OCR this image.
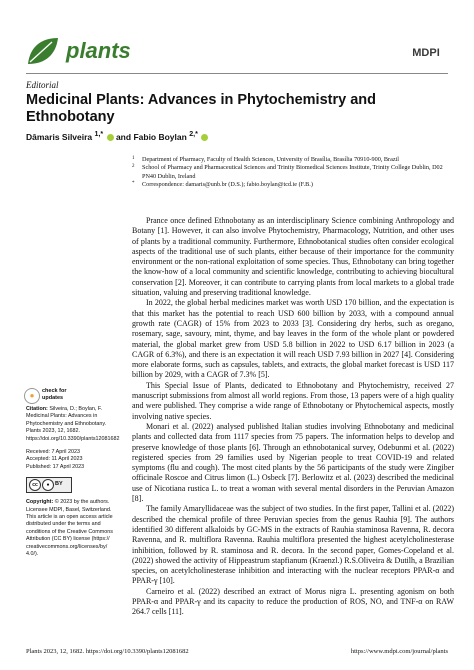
plants	MDPI
Editorial
Medicinal Plants: Advances in Phytochemistry and Ethnobotany
Dâmaris Silveira $^{1,*}$ and Fabio Boylan $^{2,*}$
1 Department of Pharmacy, Faculty of Health Sciences, University of Brasília, Brasília 70910-900, Brazil
2 School of Pharmacy and Pharmaceutical Sciences and Trinity Biomedical Sciences Institute, Trinity College Dublin, D02 PN40 Dublin, Ireland
* Correspondence: damaris@unb.br (D.S.); fabio.boylan@tcd.ie (F.B.)

Prance once defined Ethnobotany as an interdisciplinary Science combining Anthropology and Botany [1]. However, it can also involve Phytochemistry, Pharmacology, Nutrition, and other uses of plants by a traditional community. Furthermore, Ethnobotanical studies often consider ecological aspects of the traditional use of such plants, either because of their importance for the community environment or the non-rational exploitation of some species. Thus, Ethnobotany can bring together the know-how of a local community and scientific knowledge, contributing to achieving biocultural conservation [2]. Moreover, it can contribute to carrying plants from local markets to a global trade situation, valuing and preserving traditional knowledge.

In 2022, the global herbal medicines market was worth USD 170 billion, and the expectation is that this market has the potential to reach USD 600 billion by 2033, with a compound annual growth rate (CAGR) of 15% from 2023 to 2033 [3]. Considering dry herbs, such as oregano, rosemary, sage, savoury, mint, thyme, and bay leaves in the form of the whole plant or powdered material, the global market grew from USD 5.8 billion in 2022 to USD 6.17 billion in 2023 (a CAGR of 6.3%), and there is an expectation it will reach USD 7.93 billion in 2027 [4]. Considering more elaborate forms, such as capsules, tablets, and extracts, the global market forecast is USD 117 billion by 2029, with a CAGR of 7.3% [5].

This Special Issue of Plants, dedicated to Ethnobotany and Phytochemistry, received 27 manuscript submissions from almost all world regions. From those, 13 papers were of a high quality and were published. They comprise a wide range of Ethnobotany or Phytochemical aspects, mostly involving native species.

Monari et al. (2022) analysed published Italian studies involving Ethnobotany and medicinal plants and collected data from 1117 species from 75 papers. The information helps to develop and preserve knowledge of those plants [6]. Through an ethnobotanical survey, Odebunmi et al. (2022) registered species from 29 families used by Nigerian people to treat COVID-19 and related symptoms (flu and cough). The most cited plants by the 56 participants of the study were Zingiber officinale Roscoe and Citrus limon (L.) Osbeck [7]. Berlowitz et al. (2023) described the medicinal use of Nicotiana rustica L. to treat a woman with several mental disorders in the Peruvian Amazon [8].

The family Amaryllidaceae was the subject of two studies. In the first paper, Tallini et al. (2022) described the chemical profile of three Peruvian species from the genus Rauhia [9]. The authors identified 30 different alkaloids by GC-MS in the extracts of Rauhia staminosa Ravenna, R. decora Ravenna, and R. multiflora Ravenna. Rauhia multiflora presented the highest acetylcholinesterase inhibition, followed by R. staminosa and R. decora. In the second paper, Gomes-Copeland et al. (2022) showed the activity of Hippeastrum stapfianum (Kraenzl.) R.S.Oliveira & Dutilh, a Brazilian species, on acetylcholinesterase inhibition and interacting with the nuclear receptors PPAR-α and PPAR-γ [10].

Carneiro et al. (2022) described an extract of Morus nigra L. presenting agonism on both PPAR-α and PPAR-γ and its capacity to reduce the production of ROS, NO, and TNF-α on RAW 264.7 cells [11].

●	check for updates
Citation: Silveira, D.; Boylan, F. Medicinal Plants: Advances in Phytochemistry and Ethnobotany. Plants 2023, 12, 1682. https://doi.org/10.3390/plants12081682
Received: 7 April 2023
Accepted: 11 April 2023
Published: 17 April 2023
cc	● BY
Copyright: © 2023 by the authors. Licensee MDPI, Basel, Switzerland. This article is an open access article distributed under the terms and conditions of the Creative Commons Attribution (CC BY) license (https:// creativecommons.org/licenses/by/ 4.0/).
Plants 2023, 12, 1682. https://doi.org/10.3390/plants12081682	https://www.mdpi.com/journal/plants
